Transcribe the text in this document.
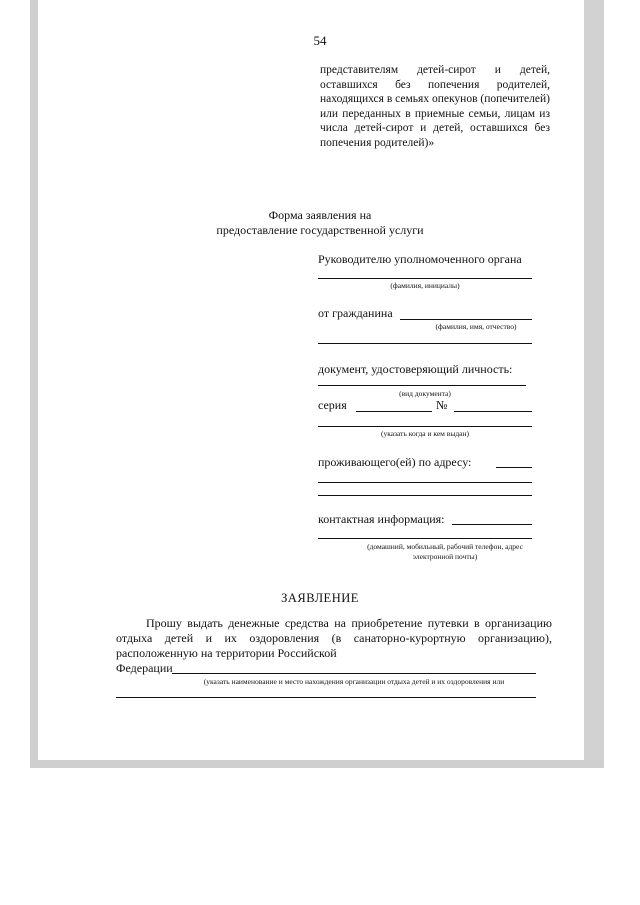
54
представителям детей-сирот и детей, оставшихся без попечения родителей, находящихся в семьях опекунов (попечителей) или переданных в приемные семьи, лицам из числа детей-сирот и детей, оставшихся без попечения родителей)»
Форма заявления на
предоставление государственной услуги
Руководителю уполномоченного органа
(фамилия, инициалы)
от гражданина
(фамилия, имя, отчество)
документ, удостоверяющий личность:
(вид документа)
серия	№
(указать когда и кем выдан)
проживающего(ей) по адресу:
контактная информация:
(домашний, мобильный, рабочий телефон, адрес
электронной почты)
ЗАЯВЛЕНИЕ
Прошу выдать денежные средства на приобретение путевки в организацию отдыха детей и их оздоровления (в санаторно-курортную организацию), расположенную на территории Российской
Федерации
(указать наименование и место нахождения организации отдыха детей и их оздоровления или
